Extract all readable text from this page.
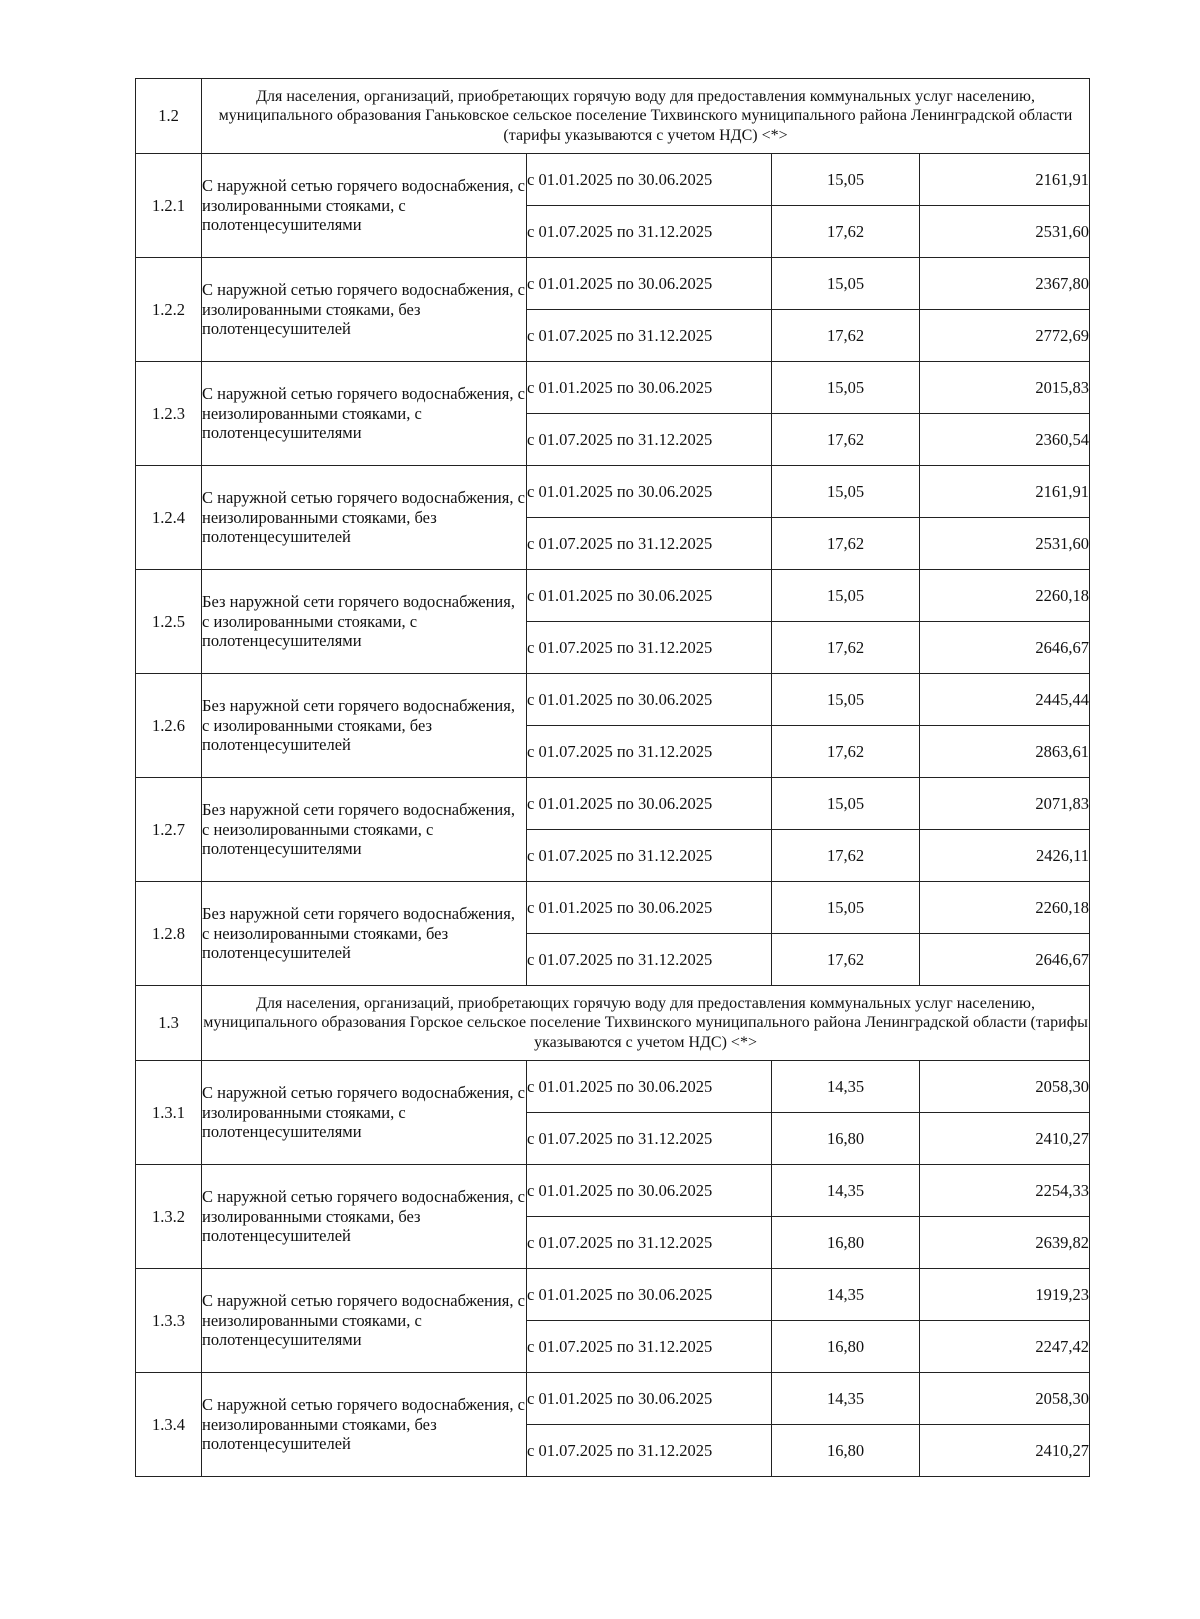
1.2	Для населения, организаций, приобретающих горячую воду для предоставления коммунальных услуг населению, муниципального образования Ганьковское сельское поселение Тихвинского муниципального района Ленинградской области (тарифы указываются с учетом НДС) <*>			
1.2.1	С наружной сетью горячего водоснабжения, с изолированными стояками, с полотенцесушителями	с 01.01.2025 по 30.06.2025	15,05	2161,91
		с 01.07.2025 по 31.12.2025	17,62	2531,60
1.2.2	С наружной сетью горячего водоснабжения, с изолированными стояками, без полотенцесушителей	с 01.01.2025 по 30.06.2025	15,05	2367,80
		с 01.07.2025 по 31.12.2025	17,62	2772,69
1.2.3	С наружной сетью горячего водоснабжения, с неизолированными стояками, с полотенцесушителями	с 01.01.2025 по 30.06.2025	15,05	2015,83
		с 01.07.2025 по 31.12.2025	17,62	2360,54
1.2.4	С наружной сетью горячего водоснабжения, с неизолированными стояками, без полотенцесушителей	с 01.01.2025 по 30.06.2025	15,05	2161,91
		с 01.07.2025 по 31.12.2025	17,62	2531,60
1.2.5	Без наружной сети горячего водоснабжения, с изолированными стояками, с полотенцесушителями	с 01.01.2025 по 30.06.2025	15,05	2260,18
		с 01.07.2025 по 31.12.2025	17,62	2646,67
1.2.6	Без наружной сети горячего водоснабжения, с изолированными стояками, без полотенцесушителей	с 01.01.2025 по 30.06.2025	15,05	2445,44
		с 01.07.2025 по 31.12.2025	17,62	2863,61
1.2.7	Без наружной сети горячего водоснабжения, с неизолированными стояками, с полотенцесушителями	с 01.01.2025 по 30.06.2025	15,05	2071,83
		с 01.07.2025 по 31.12.2025	17,62	2426,11
1.2.8	Без наружной сети горячего водоснабжения, с неизолированными стояками, без полотенцесушителей	с 01.01.2025 по 30.06.2025	15,05	2260,18
		с 01.07.2025 по 31.12.2025	17,62	2646,67
1.3	Для населения, организаций, приобретающих горячую воду для предоставления коммунальных услуг населению, муниципального образования Горское сельское поселение Тихвинского муниципального района Ленинградской области (тарифы указываются с учетом НДС) <*>			
1.3.1	С наружной сетью горячего водоснабжения, с изолированными стояками, с полотенцесушителями	с 01.01.2025 по 30.06.2025	14,35	2058,30
		с 01.07.2025 по 31.12.2025	16,80	2410,27
1.3.2	С наружной сетью горячего водоснабжения, с изолированными стояками, без полотенцесушителей	с 01.01.2025 по 30.06.2025	14,35	2254,33
		с 01.07.2025 по 31.12.2025	16,80	2639,82
1.3.3	С наружной сетью горячего водоснабжения, с неизолированными стояками, с полотенцесушителями	с 01.01.2025 по 30.06.2025	14,35	1919,23
		с 01.07.2025 по 31.12.2025	16,80	2247,42
1.3.4	С наружной сетью горячего водоснабжения, с неизолированными стояками, без полотенцесушителей	с 01.01.2025 по 30.06.2025	14,35	2058,30
		с 01.07.2025 по 31.12.2025	16,80	2410,27
